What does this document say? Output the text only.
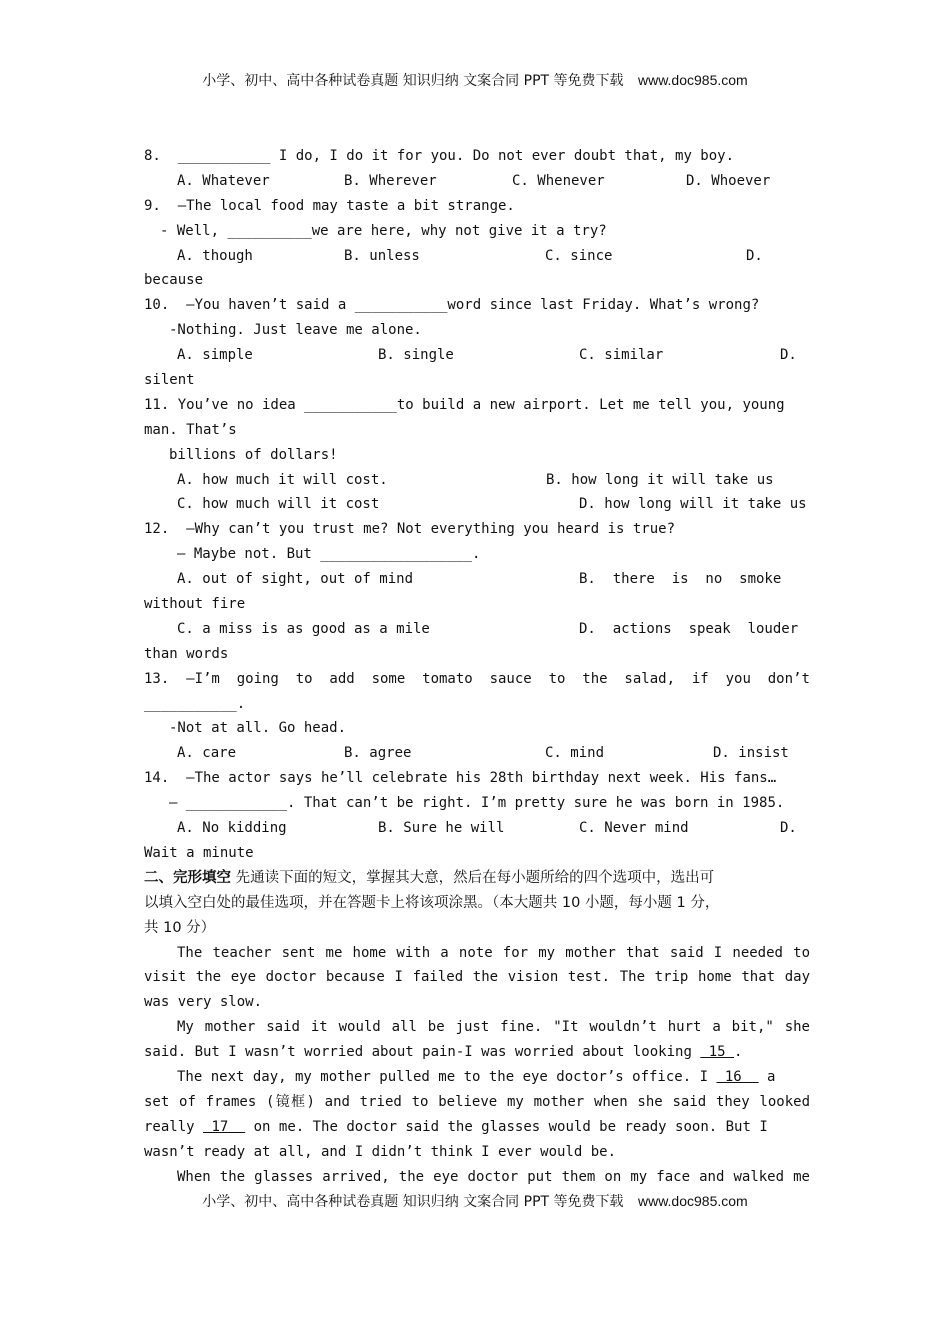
小学、初中、高中各种试卷真题 知识归纳 文案合同 PPT 等免费下载 www.doc985.com
8.  ___________ I do, I do it for you. Do not ever doubt that, my boy.
A. Whatever	B. Wherever	C. Whenever	D. Whoever
9.  –The local food may taste a bit strange.
- Well, __________we are here, why not give it a try?
A. though	B. unless	C. since	D.
because
10.  –You haven’t said a ___________word since last Friday. What’s wrong?
-Nothing. Just leave me alone.
A. simple	B. single	C. similar	D.
silent
11. You’ve no idea ___________to build a new airport. Let me tell you, young
man. That’s
billions of dollars!
A. how much it will cost.	B. how long it will take us
C. how much will it cost	D. how long will it take us
12.  –Why can’t you trust me? Not everything you heard is true?
– Maybe not. But __________________.
A. out of sight, out of mind	B.  there  is  no  smoke
without fire
C. a miss is as good as a mile	D.  actions  speak  louder
than words
13.  –I’m  going  to  add  some  tomato  sauce  to  the  salad,  if  you  don’t
___________.
-Not at all. Go head.
A. care	B. agree	C. mind	D. insist
14.  –The actor says he’ll celebrate his 28th birthday next week. His fans…
– ____________. That can’t be right. I’m pretty sure he was born in 1985.
A. No kidding	B. Sure he will	C. Never mind	D.
Wait a minute
二、完形填空 先通读下面的短文，掌握其大意，然后在每小题所给的四个选项中，选出可
以填入空白处的最佳选项，并在答题卡上将该项涂黑。（本大题共 10 小题，每小题 1 分，
共 10 分）
The teacher sent me home with a note for my mother that said I needed to
visit the eye doctor because I failed the vision test. The trip home that day
was very slow.
My mother said it would all be just fine. "It wouldn’t hurt a bit," she
said. But I wasn’t worried about pain-I was worried about looking  15 .
The next day, my mother pulled me to the eye doctor’s office. I  16   a
set of frames (镜框) and tried to believe my mother when she said they looked
really  17   on me. The doctor said the glasses would be ready soon. But I
wasn’t ready at all, and I didn’t think I ever would be.
When the glasses arrived, the eye doctor put them on my face and walked me
小学、初中、高中各种试卷真题 知识归纳 文案合同 PPT 等免费下载 www.doc985.com
